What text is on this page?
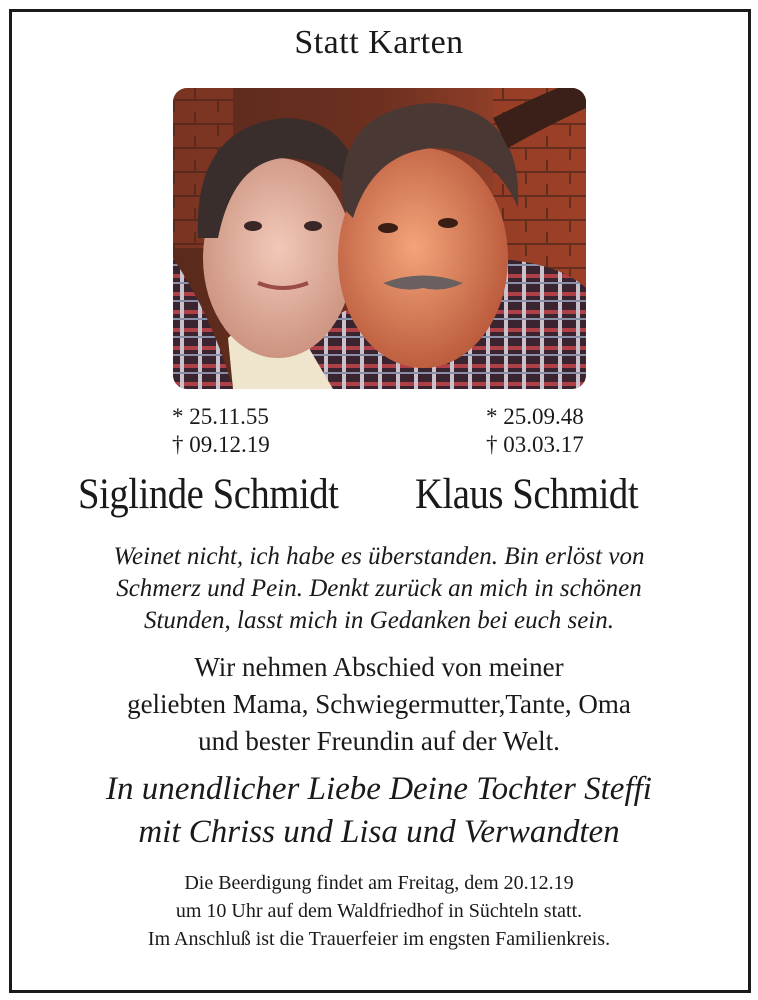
Statt Karten
* 25.11.55
† 09.12.19
* 25.09.48
† 03.03.17
Siglinde Schmidt Klaus Schmidt
Weinet nicht, ich habe es überstanden. Bin erlöst von
Schmerz und Pein. Denkt zurück an mich in schönen
Stunden, lasst mich in Gedanken bei euch sein.
Wir nehmen Abschied von meiner
geliebten Mama, Schwiegermutter,Tante, Oma
und bester Freundin auf der Welt.
In unendlicher Liebe Deine Tochter Steffi
mit Chriss und Lisa und Verwandten
Die Beerdigung findet am Freitag, dem 20.12.19
um 10 Uhr auf dem Waldfriedhof in Süchteln statt.
Im Anschluß ist die Trauerfeier im engsten Familienkreis.
